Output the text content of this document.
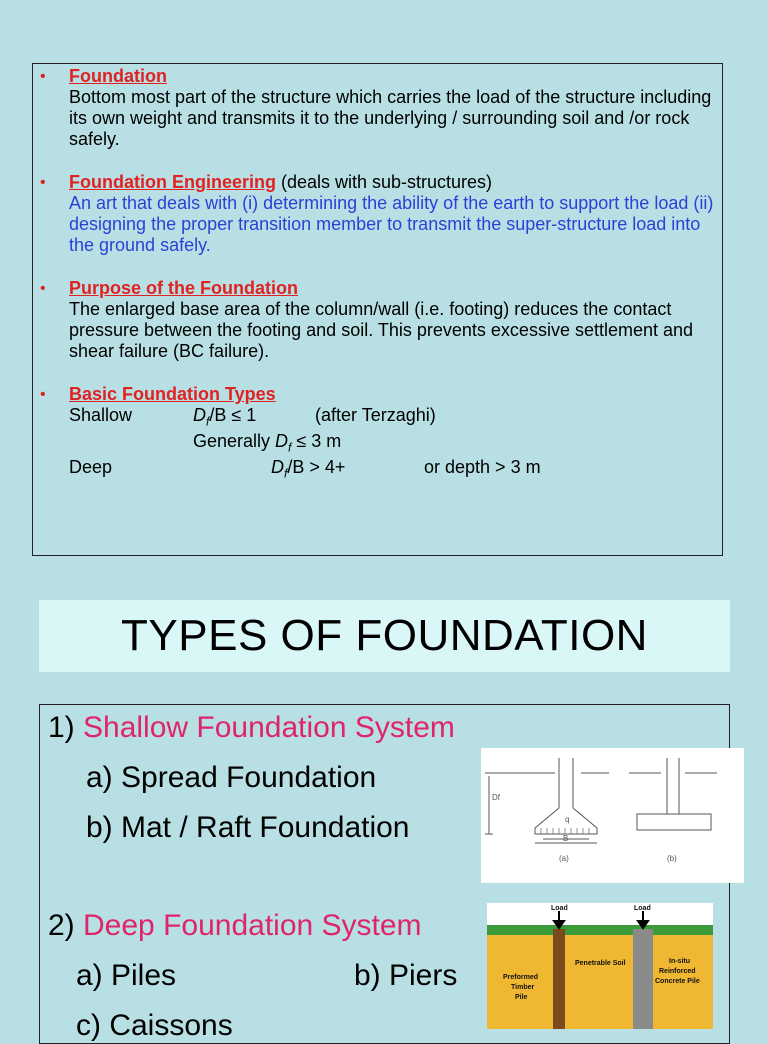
• Foundation
Bottom most part of the structure which carries the load of the structure including its own weight and transmits it to the underlying / surrounding soil and /or rock safely.
• Foundation Engineering (deals with sub-structures)
An art that deals with (i) determining the ability of the earth to support the load (ii) designing the proper transition member to transmit the super-structure load into the ground safely.
• Purpose of the Foundation
The enlarged base area of the column/wall (i.e. footing) reduces the contact pressure between the footing and soil. This prevents excessive settlement and shear failure (BC failure).
• Basic Foundation Types
Shallow	$D_f/B \le 1$	(after Terzaghi)
Generally $D_f \le 3$ m
Deep	$D_f/B > 4+$	or depth > 3 m
TYPES OF FOUNDATION
1) Shallow Foundation System
a) Spread Foundation
b) Mat / Raft Foundation
2) Deep Foundation System
a) Piles	b) Piers
c) Caissons
Df
q
B
(a)	(b)
Load	Load
Penetrable Soil	In-situ
Reinforced
Concrete Pile
Preformed
Timber
Pile
